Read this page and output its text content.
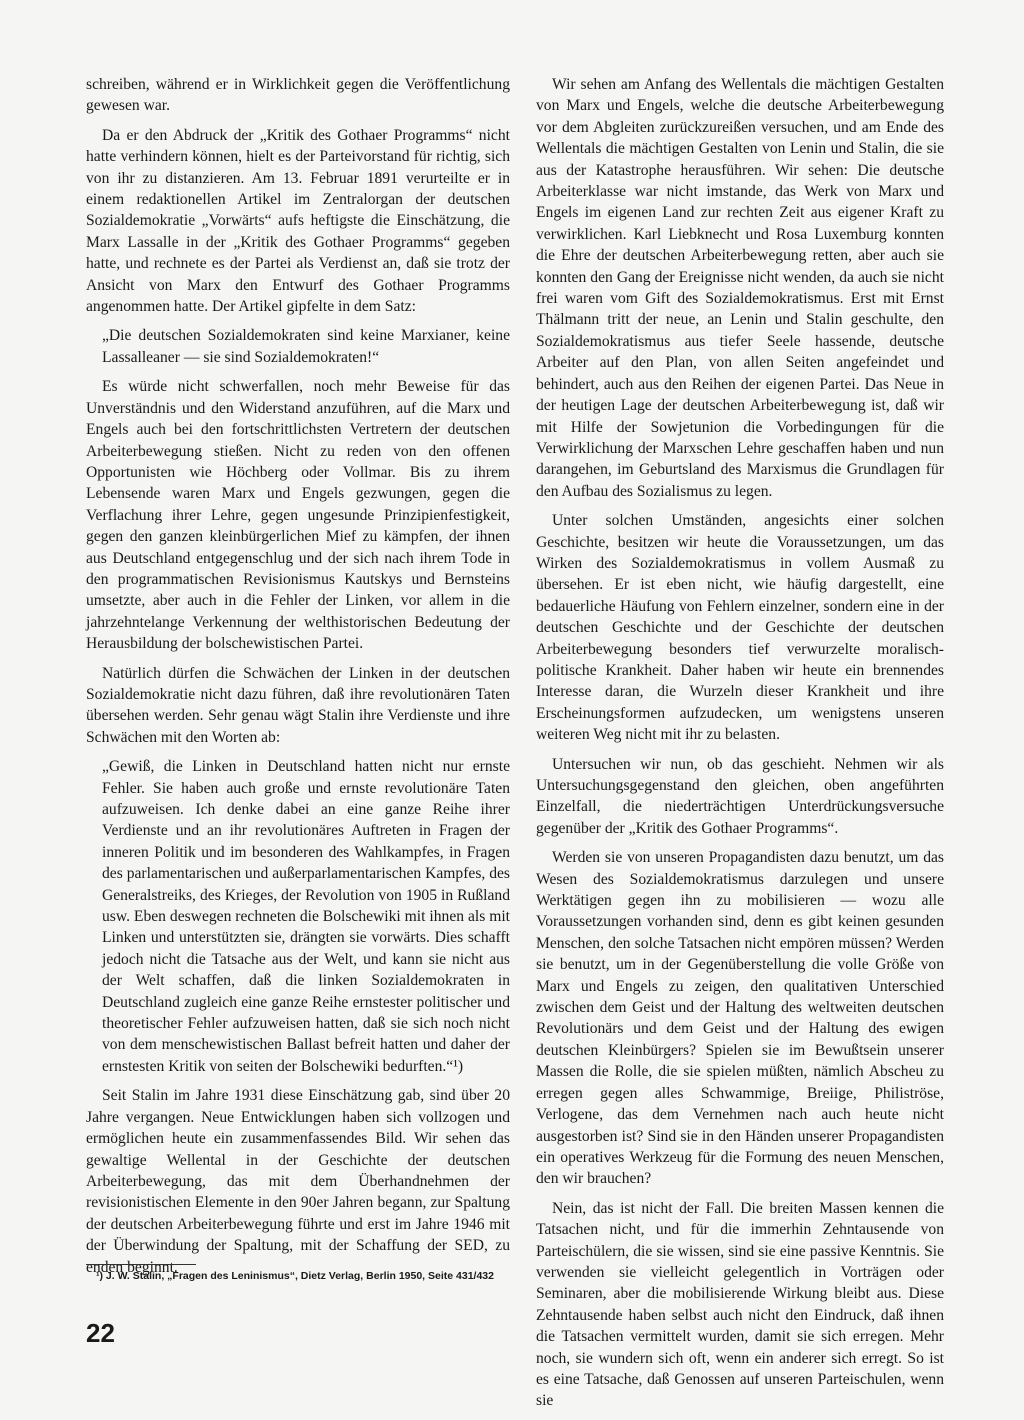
schreiben, während er in Wirklichkeit gegen die Veröffentlichung gewesen war.

Da er den Abdruck der „Kritik des Gothaer Programms“ nicht hatte verhindern können, hielt es der Parteivorstand für richtig, sich von ihr zu distanzieren. Am 13. Februar 1891 verurteilte er in einem redaktionellen Artikel im Zentralorgan der deutschen Sozialdemokratie „Vorwärts“ aufs heftigste die Einschätzung, die Marx Lassalle in der „Kritik des Gothaer Programms“ gegeben hatte, und rechnete es der Partei als Verdienst an, daß sie trotz der Ansicht von Marx den Entwurf des Gothaer Programms angenommen hatte. Der Artikel gipfelte in dem Satz:

„Die deutschen Sozialdemokraten sind keine Marxianer, keine Lassalleaner — sie sind Sozialdemokraten!“

Es würde nicht schwerfallen, noch mehr Beweise für das Unverständnis und den Widerstand anzuführen, auf die Marx und Engels auch bei den fortschrittlichsten Vertretern der deutschen Arbeiterbewegung stießen. Nicht zu reden von den offenen Opportunisten wie Höchberg oder Vollmar. Bis zu ihrem Lebensende waren Marx und Engels gezwungen, gegen die Verflachung ihrer Lehre, gegen ungesunde Prinzipienfestigkeit, gegen den ganzen kleinbürgerlichen Mief zu kämpfen, der ihnen aus Deutschland entgegenschlug und der sich nach ihrem Tode in den programmatischen Revisionismus Kautskys und Bernsteins umsetzte, aber auch in die Fehler der Linken, vor allem in die jahrzehntelange Verkennung der welthistorischen Bedeutung der Herausbildung der bolschewistischen Partei.

Natürlich dürfen die Schwächen der Linken in der deutschen Sozialdemokratie nicht dazu führen, daß ihre revolutionären Taten übersehen werden. Sehr genau wägt Stalin ihre Verdienste und ihre Schwächen mit den Worten ab:

„Gewiß, die Linken in Deutschland hatten nicht nur ernste Fehler. Sie haben auch große und ernste revolutionäre Taten aufzuweisen. Ich denke dabei an eine ganze Reihe ihrer Verdienste und an ihr revolutionäres Auftreten in Fragen der inneren Politik und im besonderen des Wahlkampfes, in Fragen des parlamentarischen und außerparlamentarischen Kampfes, des Generalstreiks, des Krieges, der Revolution von 1905 in Rußland usw. Eben deswegen rechneten die Bolschewiki mit ihnen als mit Linken und unterstützten sie, drängten sie vorwärts. Dies schafft jedoch nicht die Tatsache aus der Welt, und kann sie nicht aus der Welt schaffen, daß die linken Sozialdemokraten in Deutschland zugleich eine ganze Reihe ernstester politischer und theoretischer Fehler aufzuweisen hatten, daß sie sich noch nicht von dem menschewistischen Ballast befreit hatten und daher der ernstesten Kritik von seiten der Bolschewiki bedurften.“¹)

Seit Stalin im Jahre 1931 diese Einschätzung gab, sind über 20 Jahre vergangen. Neue Entwicklungen haben sich vollzogen und ermöglichen heute ein zusammenfassendes Bild. Wir sehen das gewaltige Wellental in der Geschichte der deutschen Arbeiterbewegung, das mit dem Überhandnehmen der revisionistischen Elemente in den 90er Jahren begann, zur Spaltung der deutschen Arbeiterbewegung führte und erst im Jahre 1946 mit der Überwindung der Spaltung, mit der Schaffung der SED, zu enden beginnt.

Wir sehen am Anfang des Wellentals die mächtigen Gestalten von Marx und Engels, welche die deutsche Arbeiterbewegung vor dem Abgleiten zurückzureißen versuchen, und am Ende des Wellentals die mächtigen Gestalten von Lenin und Stalin, die sie aus der Katastrophe herausführen. Wir sehen: Die deutsche Arbeiterklasse war nicht imstande, das Werk von Marx und Engels im eigenen Land zur rechten Zeit aus eigener Kraft zu verwirklichen. Karl Liebknecht und Rosa Luxemburg konnten die Ehre der deutschen Arbeiterbewegung retten, aber auch sie konnten den Gang der Ereignisse nicht wenden, da auch sie nicht frei waren vom Gift des Sozialdemokratismus. Erst mit Ernst Thälmann tritt der neue, an Lenin und Stalin geschulte, den Sozialdemokratismus aus tiefer Seele hassende, deutsche Arbeiter auf den Plan, von allen Seiten angefeindet und behindert, auch aus den Reihen der eigenen Partei. Das Neue in der heutigen Lage der deutschen Arbeiterbewegung ist, daß wir mit Hilfe der Sowjetunion die Vorbedingungen für die Verwirklichung der Marxschen Lehre geschaffen haben und nun darangehen, im Geburtsland des Marxismus die Grundlagen für den Aufbau des Sozialismus zu legen.

Unter solchen Umständen, angesichts einer solchen Geschichte, besitzen wir heute die Voraussetzungen, um das Wirken des Sozialdemokratismus in vollem Ausmaß zu übersehen. Er ist eben nicht, wie häufig dargestellt, eine bedauerliche Häufung von Fehlern einzelner, sondern eine in der deutschen Geschichte und der Geschichte der deutschen Arbeiterbewegung besonders tief verwurzelte moralisch-politische Krankheit. Daher haben wir heute ein brennendes Interesse daran, die Wurzeln dieser Krankheit und ihre Erscheinungsformen aufzudecken, um wenigstens unseren weiteren Weg nicht mit ihr zu belasten.

Untersuchen wir nun, ob das geschieht. Nehmen wir als Untersuchungsgegenstand den gleichen, oben angeführten Einzelfall, die niederträchtigen Unterdrückungsversuche gegenüber der „Kritik des Gothaer Programms“.

Werden sie von unseren Propagandisten dazu benutzt, um das Wesen des Sozialdemokratismus darzulegen und unsere Werktätigen gegen ihn zu mobilisieren — wozu alle Voraussetzungen vorhanden sind, denn es gibt keinen gesunden Menschen, den solche Tatsachen nicht empören müssen? Werden sie benutzt, um in der Gegenüberstellung die volle Größe von Marx und Engels zu zeigen, den qualitativen Unterschied zwischen dem Geist und der Haltung des weltweiten deutschen Revolutionärs und dem Geist und der Haltung des ewigen deutschen Kleinbürgers? Spielen sie im Bewußtsein unserer Massen die Rolle, die sie spielen müßten, nämlich Abscheu zu erregen gegen alles Schwammige, Breiige, Philiströse, Verlogene, das dem Vernehmen nach auch heute nicht ausgestorben ist? Sind sie in den Händen unserer Propagandisten ein operatives Werkzeug für die Formung des neuen Menschen, den wir brauchen?

Nein, das ist nicht der Fall. Die breiten Massen kennen die Tatsachen nicht, und für die immerhin Zehntausende von Parteischülern, die sie wissen, sind sie eine passive Kenntnis. Sie verwenden sie vielleicht gelegentlich in Vorträgen oder Seminaren, aber die mobilisierende Wirkung bleibt aus. Diese Zehntausende haben selbst auch nicht den Eindruck, daß ihnen die Tatsachen vermittelt wurden, damit sie sich erregen. Mehr noch, sie wundern sich oft, wenn ein anderer sich erregt. So ist es eine Tatsache, daß Genossen auf unseren Parteischulen, wenn sie

¹) J. W. Stalin, „Fragen des Leninismus“, Dietz Verlag, Berlin 1950, Seite 431/432
22
